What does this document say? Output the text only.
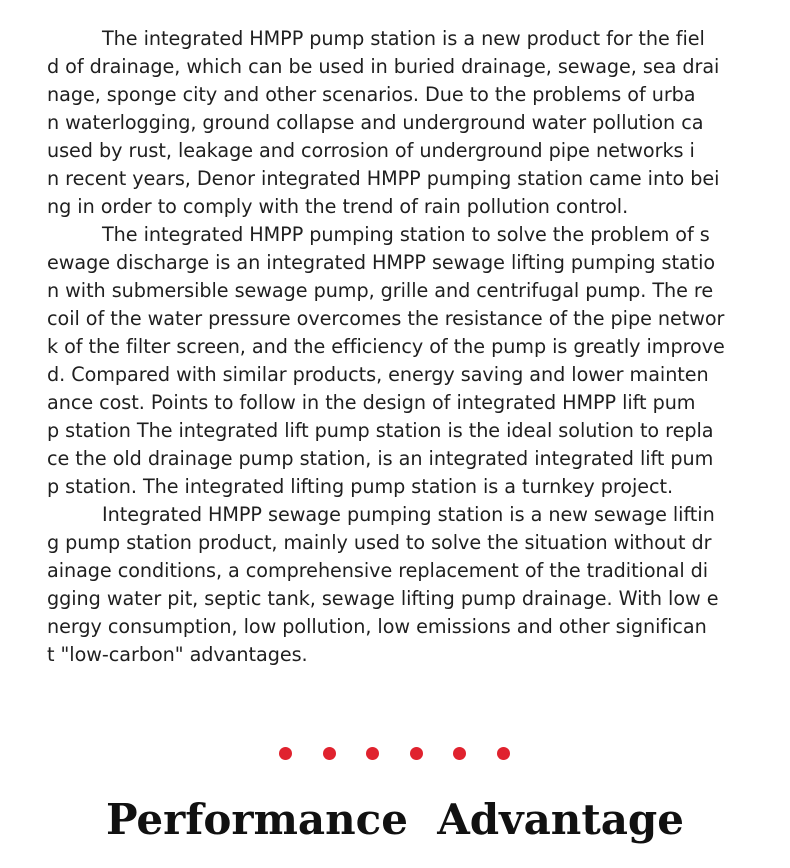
The integrated HMPP pump station is a new product for the fiel
d of drainage, which can be used in buried drainage, sewage, sea drai
nage, sponge city and other scenarios. Due to the problems of urba
n waterlogging, ground collapse and underground water pollution ca
used by rust, leakage and corrosion of underground pipe networks i
n recent years, Denor integrated HMPP pumping station came into bei
ng in order to comply with the trend of rain pollution control.
The integrated HMPP pumping station to solve the problem of s
ewage discharge is an integrated HMPP sewage lifting pumping statio
n with submersible sewage pump, grille and centrifugal pump. The re
coil of the water pressure overcomes the resistance of the pipe networ
k of the filter screen, and the efficiency of the pump is greatly improve
d. Compared with similar products, energy saving and lower mainten
ance cost. Points to follow in the design of integrated HMPP lift pum
p station The integrated lift pump station is the ideal solution to repla
ce the old drainage pump station, is an integrated integrated lift pum
p station. The integrated lifting pump station is a turnkey project.
Integrated HMPP sewage pumping station is a new sewage liftin
g pump station product, mainly used to solve the situation without dr
ainage conditions, a comprehensive replacement of the traditional di
gging water pit, septic tank, sewage lifting pump drainage. With low e
nergy consumption, low pollution, low emissions and other significan
t "low-carbon" advantages.
Performance  Advantage
